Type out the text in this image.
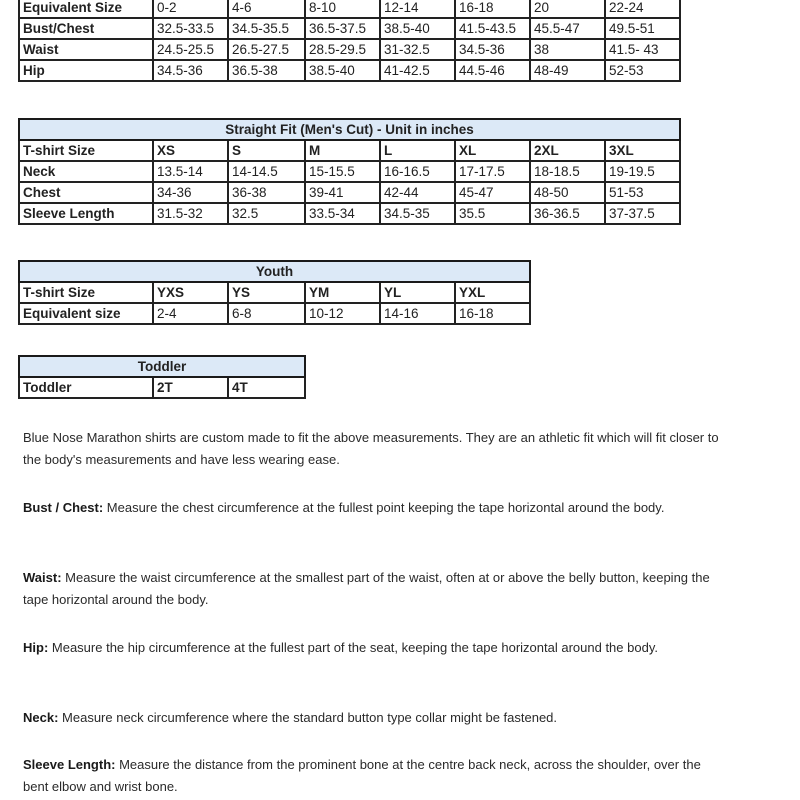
Equivalent Size	0-2	4-6	8-10	12-14	16-18	20	22-24
Bust/Chest	32.5-33.5	34.5-35.5	36.5-37.5	38.5-40	41.5-43.5	45.5-47	49.5-51
Waist	24.5-25.5	26.5-27.5	28.5-29.5	31-32.5	34.5-36	38	41.5- 43
Hip	34.5-36	36.5-38	38.5-40	41-42.5	44.5-46	48-49	52-53
Straight Fit (Men's Cut) - Unit in inches							
T-shirt Size	XS	S	M	L	XL	2XL	3XL
Neck	13.5-14	14-14.5	15-15.5	16-16.5	17-17.5	18-18.5	19-19.5
Chest	34-36	36-38	39-41	42-44	45-47	48-50	51-53
Sleeve Length	31.5-32	32.5	33.5-34	34.5-35	35.5	36-36.5	37-37.5
Youth					
T-shirt Size	YXS	YS	YM	YL	YXL
Equivalent size	2-4	6-8	10-12	14-16	16-18
Toddler
Toddler	2T	4T

Blue Nose Marathon shirts are custom made to fit the above measurements. They are an athletic fit which will fit closer to the body's measurements and have less wearing ease.

Bust / Chest: Measure the chest circumference at the fullest point keeping the tape horizontal around the body.

Waist: Measure the waist circumference at the smallest part of the waist, often at or above the belly button, keeping the tape horizontal around the body.

Hip: Measure the hip circumference at the fullest part of the seat, keeping the tape horizontal around the body.

Neck: Measure neck circumference where the standard button type collar might be fastened.

Sleeve Length: Measure the distance from the prominent bone at the centre back neck, across the shoulder, over the bent elbow and wrist bone.
